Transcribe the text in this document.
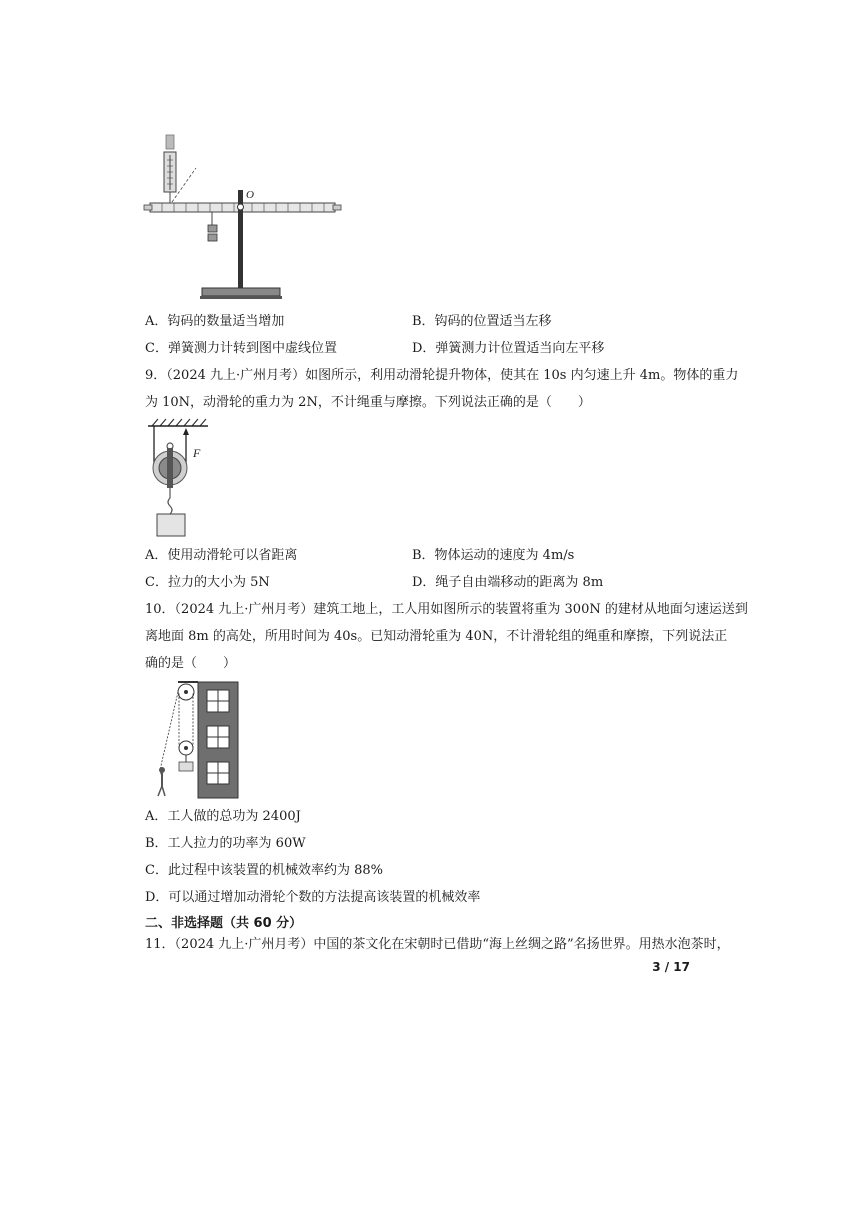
O
A．钩码的数量适当增加	B．钩码的位置适当左移
C．弹簧测力计转到图中虚线位置	D．弹簧测力计位置适当向左平移
9．（2024 九上·广州月考）如图所示，利用动滑轮提升物体，使其在 10s 内匀速上升 4m。物体的重力
为 10N，动滑轮的重力为 2N，不计绳重与摩擦。下列说法正确的是（　　）
F
A．使用动滑轮可以省距离	B．物体运动的速度为 4m/s
C．拉力的大小为 5N	D．绳子自由端移动的距离为 8m
10．（2024 九上·广州月考）建筑工地上，工人用如图所示的装置将重为 300N 的建材从地面匀速运送到
离地面 8m 的高处，所用时间为 40s。已知动滑轮重为 40N，不计滑轮组的绳重和摩擦，下列说法正
确的是（　　）
A．工人做的总功为 2400J
B．工人拉力的功率为 60W
C．此过程中该装置的机械效率约为 88%
D．可以通过增加动滑轮个数的方法提高该装置的机械效率
二、非选择题（共 60 分）
11．（2024 九上·广州月考）中国的茶文化在宋朝时已借助“海上丝绸之路”名扬世界。用热水泡茶时，
3 / 17
